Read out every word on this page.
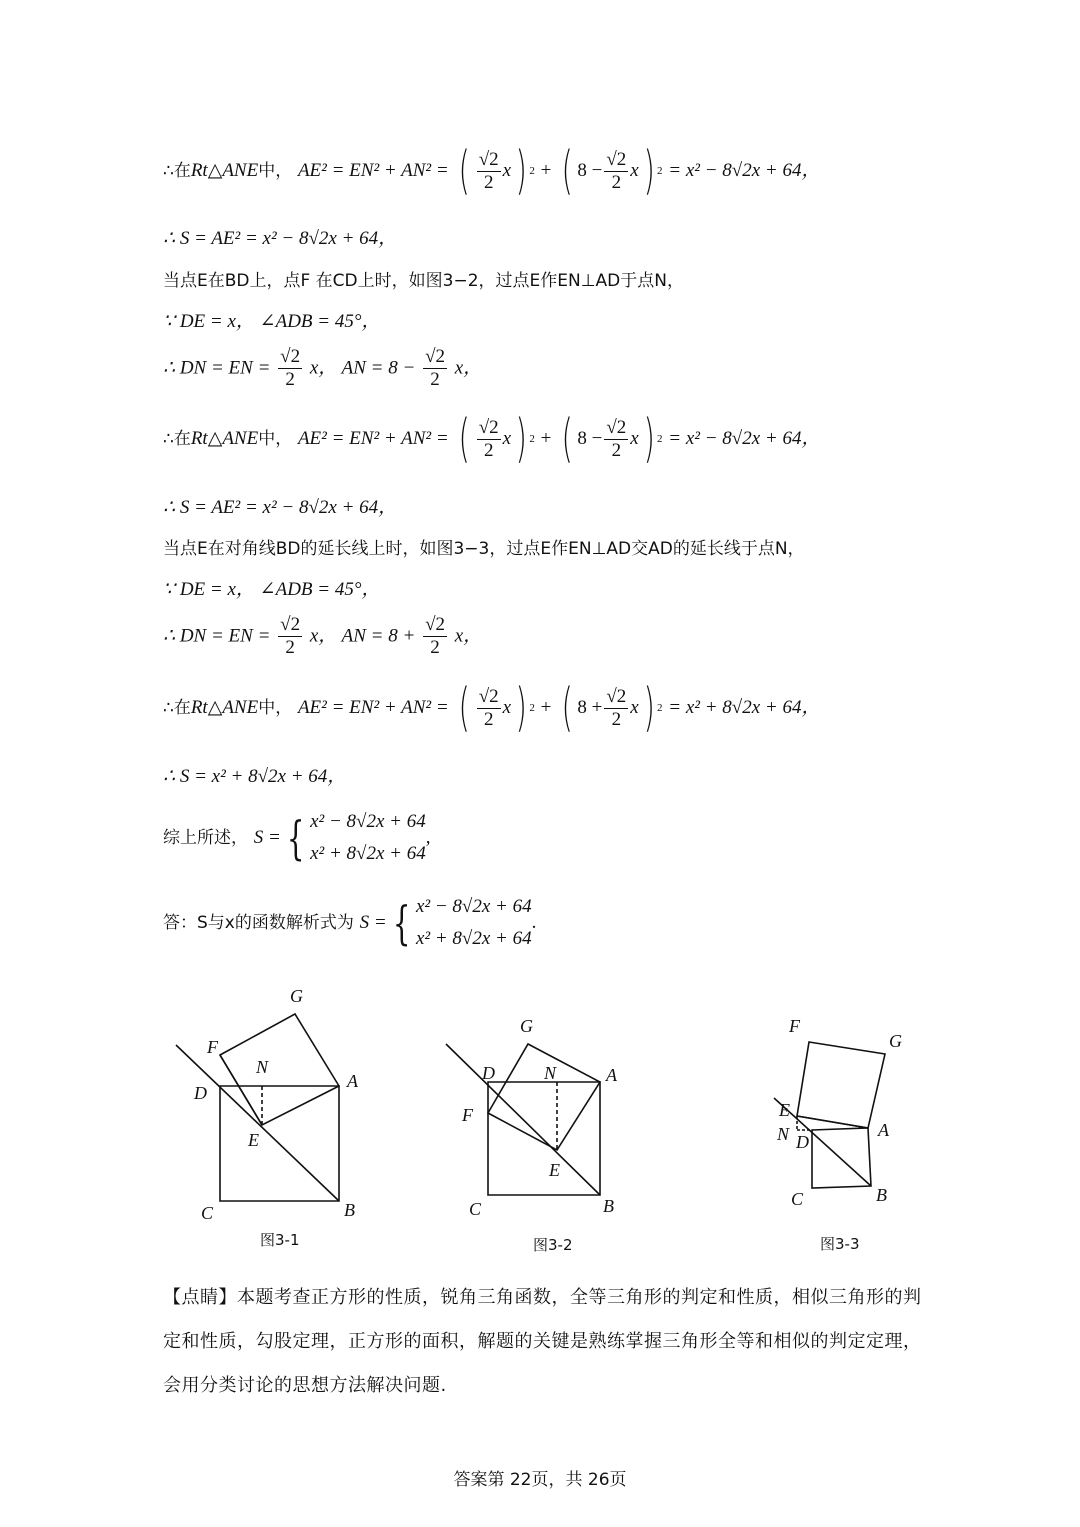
∴在Rt△ANE中， AE² = EN² + AN² = ( $\frac{√2}{2}$ x ) 2 + ( $8 - \frac{√2}{2}$ x ) 2 = x² − 8√2x + 64，
∴ S = AE² = x² − 8√2x + 64，
当点E在BD上，点F 在CD上时，如图3−2，过点E作EN⊥AD于点N，
∵ DE = x， ∠ADB = 45°，
∴ DN = EN = $\frac{√2}{2}$ x， AN = $8 - \frac{√2}{2}$ x，
∴在Rt△ANE中， AE² = EN² + AN² = ( $\frac{√2}{2}$ x ) 2 + ( $8 - \frac{√2}{2}$ x ) 2 = x² − 8√2x + 64，
∴ S = AE² = x² − 8√2x + 64，
当点E在对角线BD的延长线上时，如图3−3，过点E作EN⊥AD交AD的延长线于点N，
∵ DE = x， ∠ADB = 45°，
∴ DN = EN = $\frac{√2}{2}$ x， AN = $8 + \frac{√2}{2}$ x，
∴在Rt△ANE中， AE² = EN² + AN² = ( $\frac{√2}{2}$ x ) 2 + ( $8 + \frac{√2}{2}$ x ) 2 = x² + 8√2x + 64，
∴ S = x² + 8√2x + 64，
综上所述， S = { x² − 8√2x + 64
x² + 8√2x + 64
,
答：S与x的函数解析式为 S = { x² − 8√2x + 64
x² + 8√2x + 64
.
G
F
N
D
A
E
C	B
图3-1
G
D	N	A
F
E
C	B
图3-2
F
G
E
N D
A
C	B
图3-3
【点睛】本题考查正方形的性质，锐角三角函数，全等三角形的判定和性质，相似三角形的判定和性质，勾股定理，正方形的面积，解题的关键是熟练掌握三角形全等和相似的判定定理，会用分类讨论的思想方法解决问题.
答案第 22页，共 26页
